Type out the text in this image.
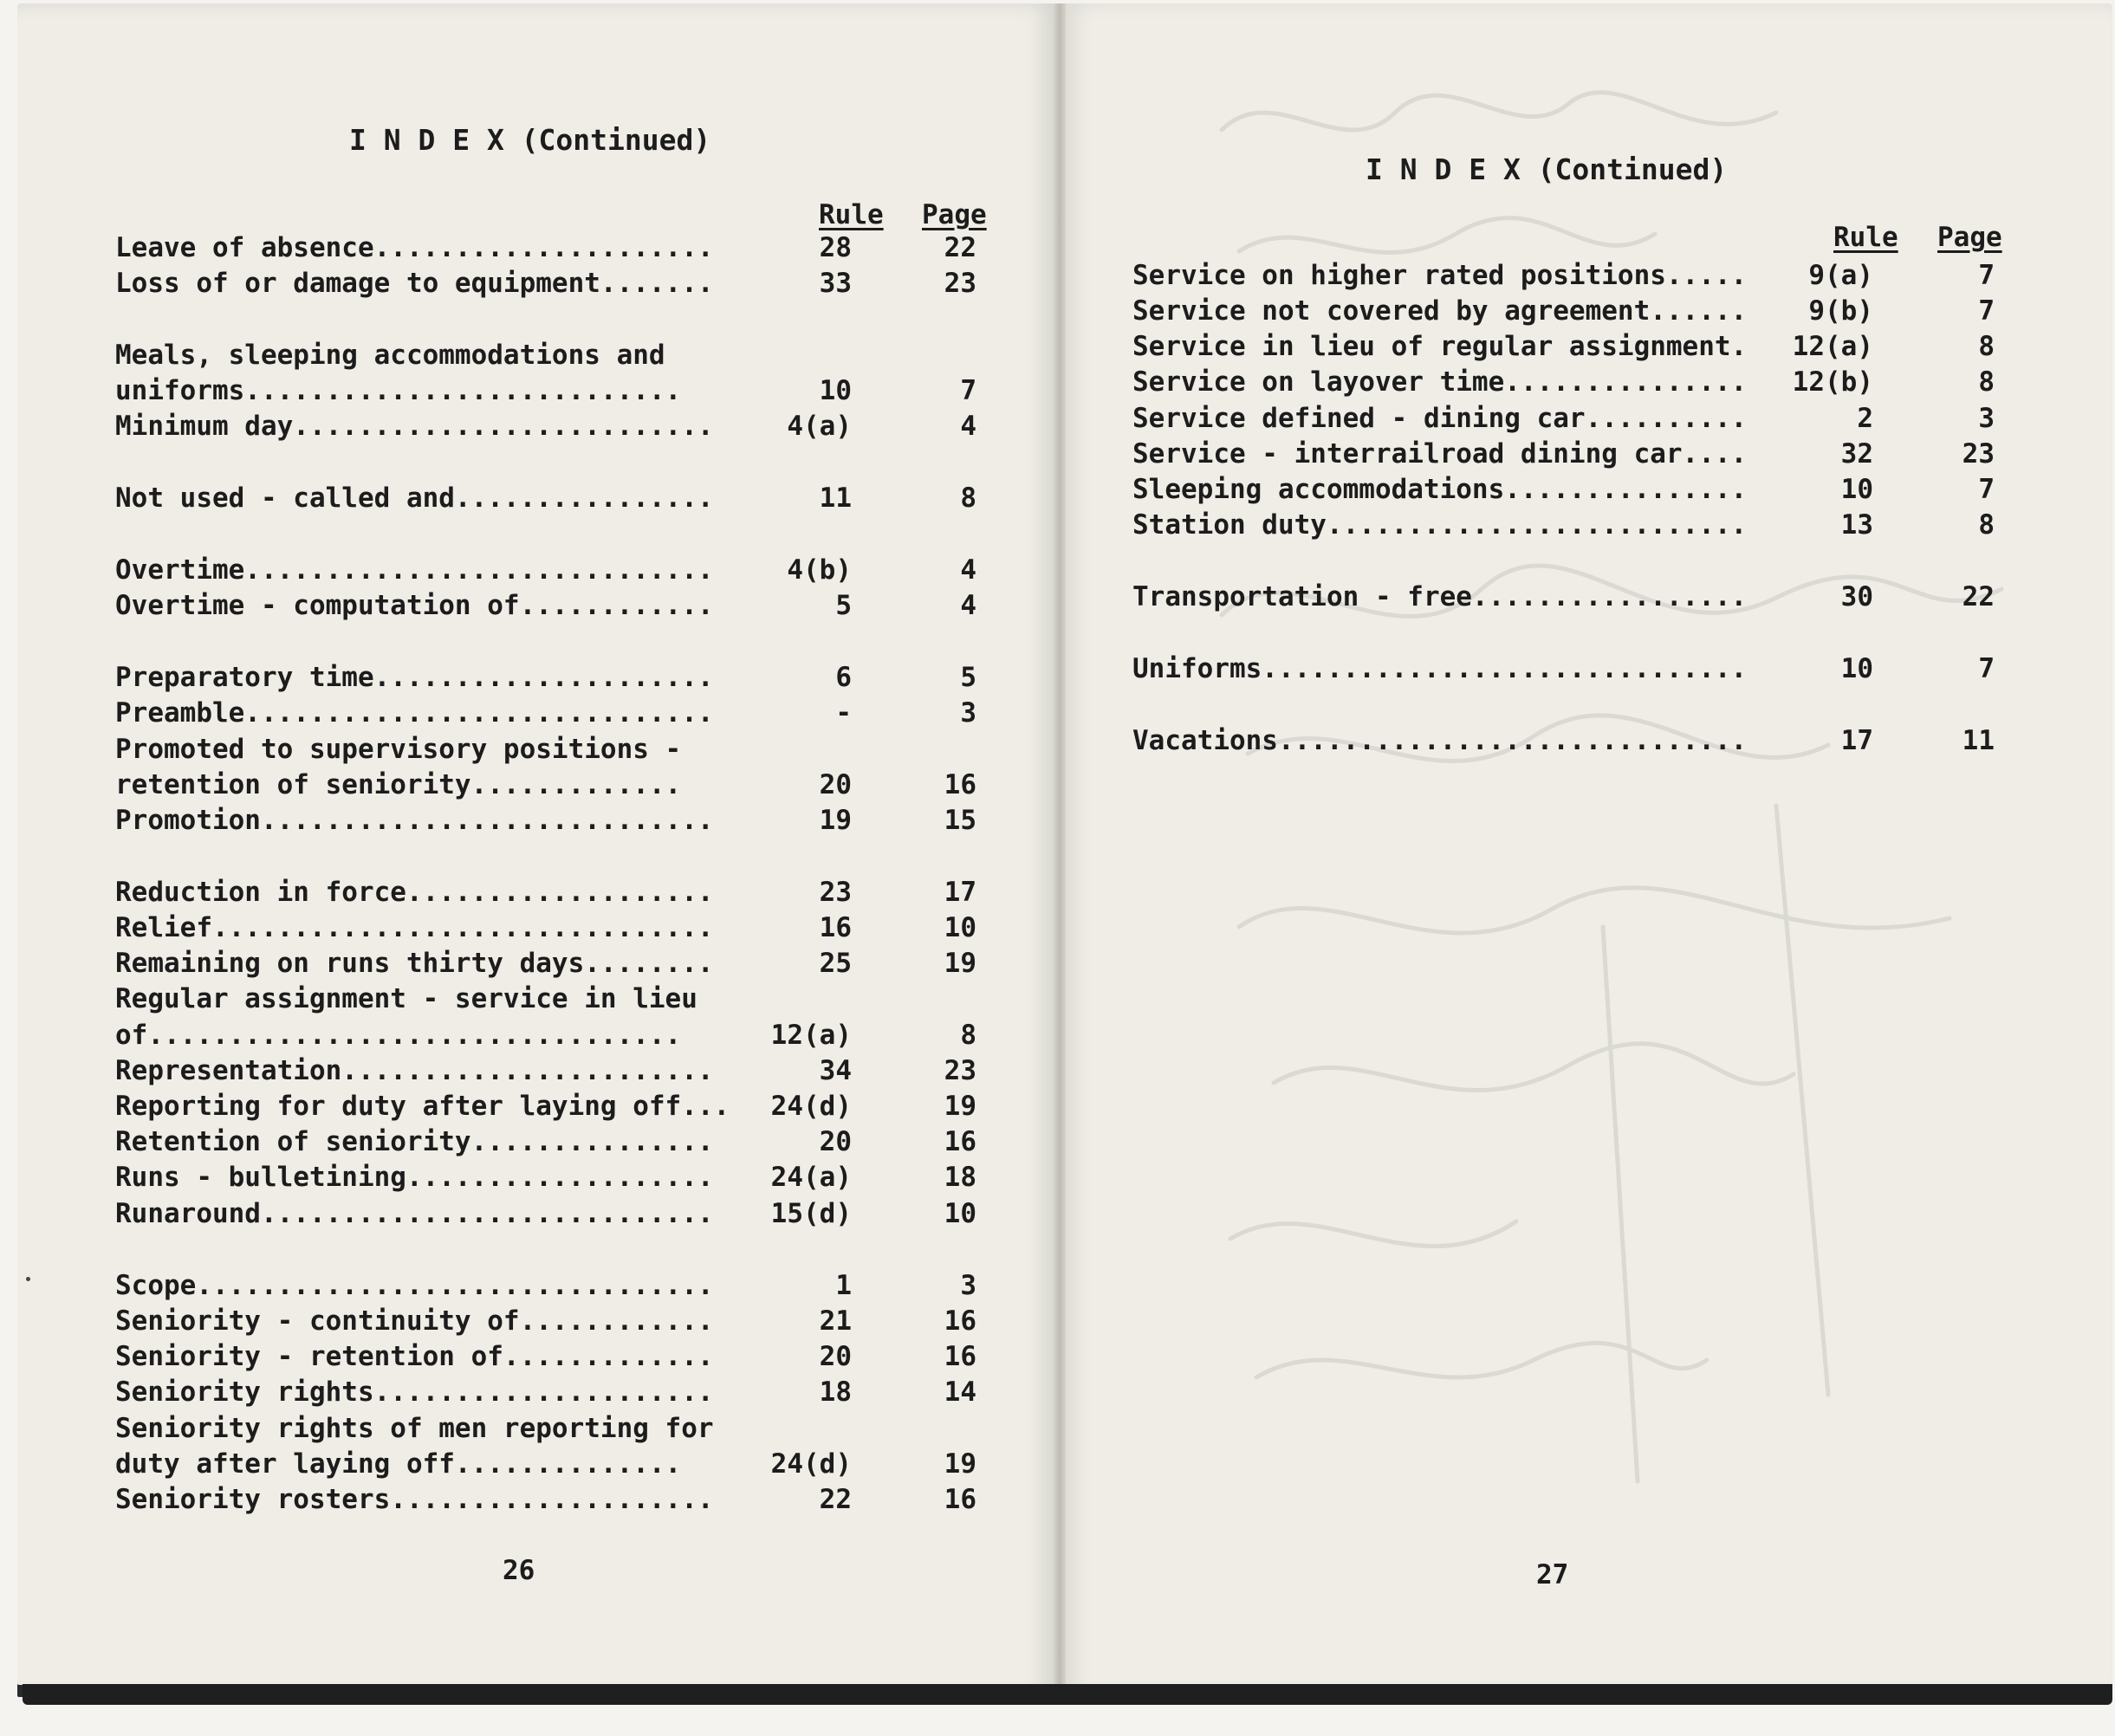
I N D E X (Continued)
Rule Page
Leave of absence.....................	28	22
Loss of or damage to equipment.......	33	23
Meals, sleeping accommodations and
uniforms...........................	10	7
Minimum day..........................	4(a)	4
Not used - called and................	11	8
Overtime.............................	4(b)	4
Overtime - computation of............	5	4
Preparatory time.....................	6	5
Preamble.............................	-	3
Promoted to supervisory positions -
retention of seniority.............	20	16
Promotion............................	19	15
Reduction in force...................	23	17
Relief...............................	16	10
Remaining on runs thirty days........	25	19
Regular assignment - service in lieu
of.................................	12(a)	8
Representation.......................	34	23
Reporting for duty after laying off... 24(d)	19
Retention of seniority...............	20	16
Runs - bulletining................... 24(a)	18
Runaround............................ 15(d)	10
Scope................................	1	3
Seniority - continuity of............	21	16
Seniority - retention of.............	20	16
Seniority rights.....................	18	14
Seniority rights of men reporting for
duty after laying off..............	24(d)	19
Seniority rosters....................	22	16
26
I N D E X (Continued)
Rule Page
Service on higher rated positions..... 9(a)	7
Service not covered by agreement...... 9(b)	7
Service in lieu of regular assignment. 12(a)	8
Service on layover time............... 12(b)	8
Service defined - dining car..........	2	3
Service - interrailroad dining car....	32	23
Sleeping accommodations...............	10	7
Station duty..........................	13	8
Transportation - free.................	30	22
Uniforms..............................	10	7
Vacations.............................	17	11
27
